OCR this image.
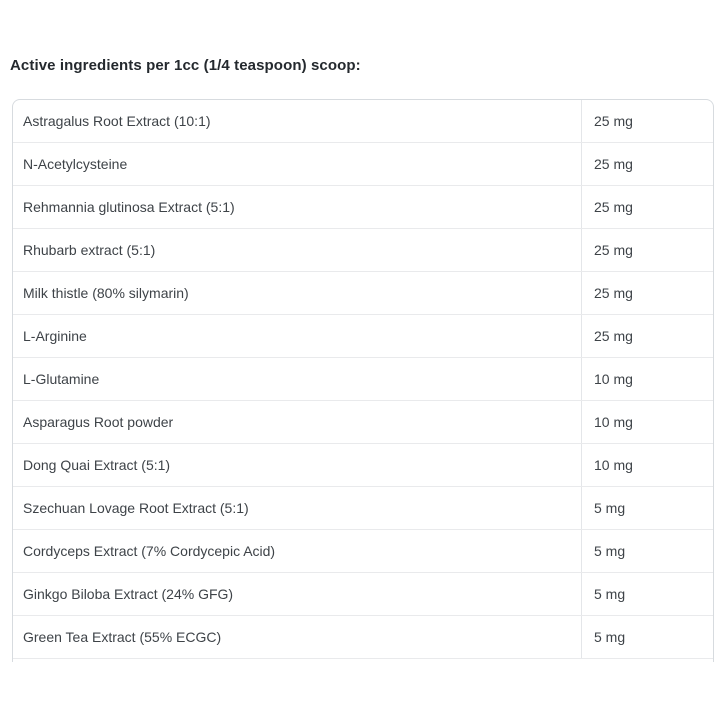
Active ingredients per 1cc (1/4 teaspoon) scoop:
Astragalus Root Extract (10:1)	25 mg
N-Acetylcysteine	25 mg
Rehmannia glutinosa Extract (5:1)	25 mg
Rhubarb extract (5:1)	25 mg
Milk thistle (80% silymarin)	25 mg
L-Arginine	25 mg
L-Glutamine	10 mg
Asparagus Root powder	10 mg
Dong Quai Extract (5:1)	10 mg
Szechuan Lovage Root Extract (5:1)	5 mg
Cordyceps Extract (7% Cordycepic Acid)	5 mg
Ginkgo Biloba Extract (24% GFG)	5 mg
Green Tea Extract (55% ECGC)	5 mg
